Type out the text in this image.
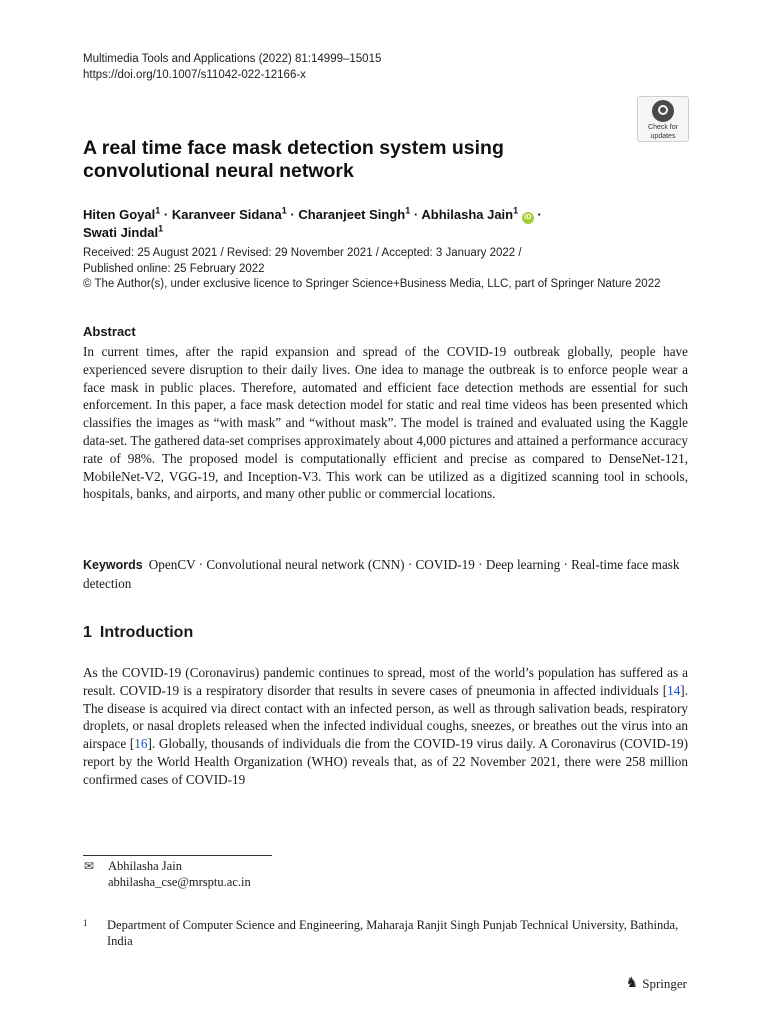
Multimedia Tools and Applications (2022) 81:14999–15015
https://doi.org/10.1007/s11042-022-12166-x
Check for
updates
A real time face mask detection system using convolutional neural network
Hiten Goyal$^1$ · Karanveer Sidana$^1$ · Charanjeet Singh$^1$ · Abhilasha Jain$^1$ iD ·
Swati Jindal$^1$
Received: 25 August 2021 / Revised: 29 November 2021 / Accepted: 3 January 2022 /
Published online: 25 February 2022
© The Author(s), under exclusive licence to Springer Science+Business Media, LLC, part of Springer Nature 2022
Abstract

In current times, after the rapid expansion and spread of the COVID-19 outbreak globally, people have experienced severe disruption to their daily lives. One idea to manage the outbreak is to enforce people wear a face mask in public places. Therefore, automated and efficient face detection methods are essential for such enforcement. In this paper, a face mask detection model for static and real time videos has been presented which classifies the images as “with mask” and “without mask”. The model is trained and evaluated using the Kaggle data-set. The gathered data-set comprises approximately about 4,000 pictures and attained a performance accuracy rate of 98%. The proposed model is computationally efficient and precise as compared to DenseNet-121, MobileNet-V2, VGG-19, and Inception-V3. This work can be utilized as a digitized scanning tool in schools, hospitals, banks, and airports, and many other public or commercial locations.

Keywords OpenCV · Convolutional neural network (CNN) · COVID-19 · Deep learning · Real-time face mask detection
1 Introduction

As the COVID-19 (Coronavirus) pandemic continues to spread, most of the world’s population has suffered as a result. COVID-19 is a respiratory disorder that results in severe cases of pneumonia in affected individuals [14]. The disease is acquired via direct contact with an infected person, as well as through salivation beads, respiratory droplets, or nasal droplets released when the infected individual coughs, sneezes, or breathes out the virus into an airspace [16]. Globally, thousands of individuals die from the COVID-19 virus daily. A Coronavirus (COVID-19) report by the World Health Organization (WHO) reveals that, as of 22 November 2021, there were 258 million confirmed cases of COVID-19

✉	Abhilasha Jain
abhilasha_cse@mrsptu.ac.in
1	Department of Computer Science and Engineering, Maharaja Ranjit Singh Punjab Technical University, Bathinda, India
♞ Springer
